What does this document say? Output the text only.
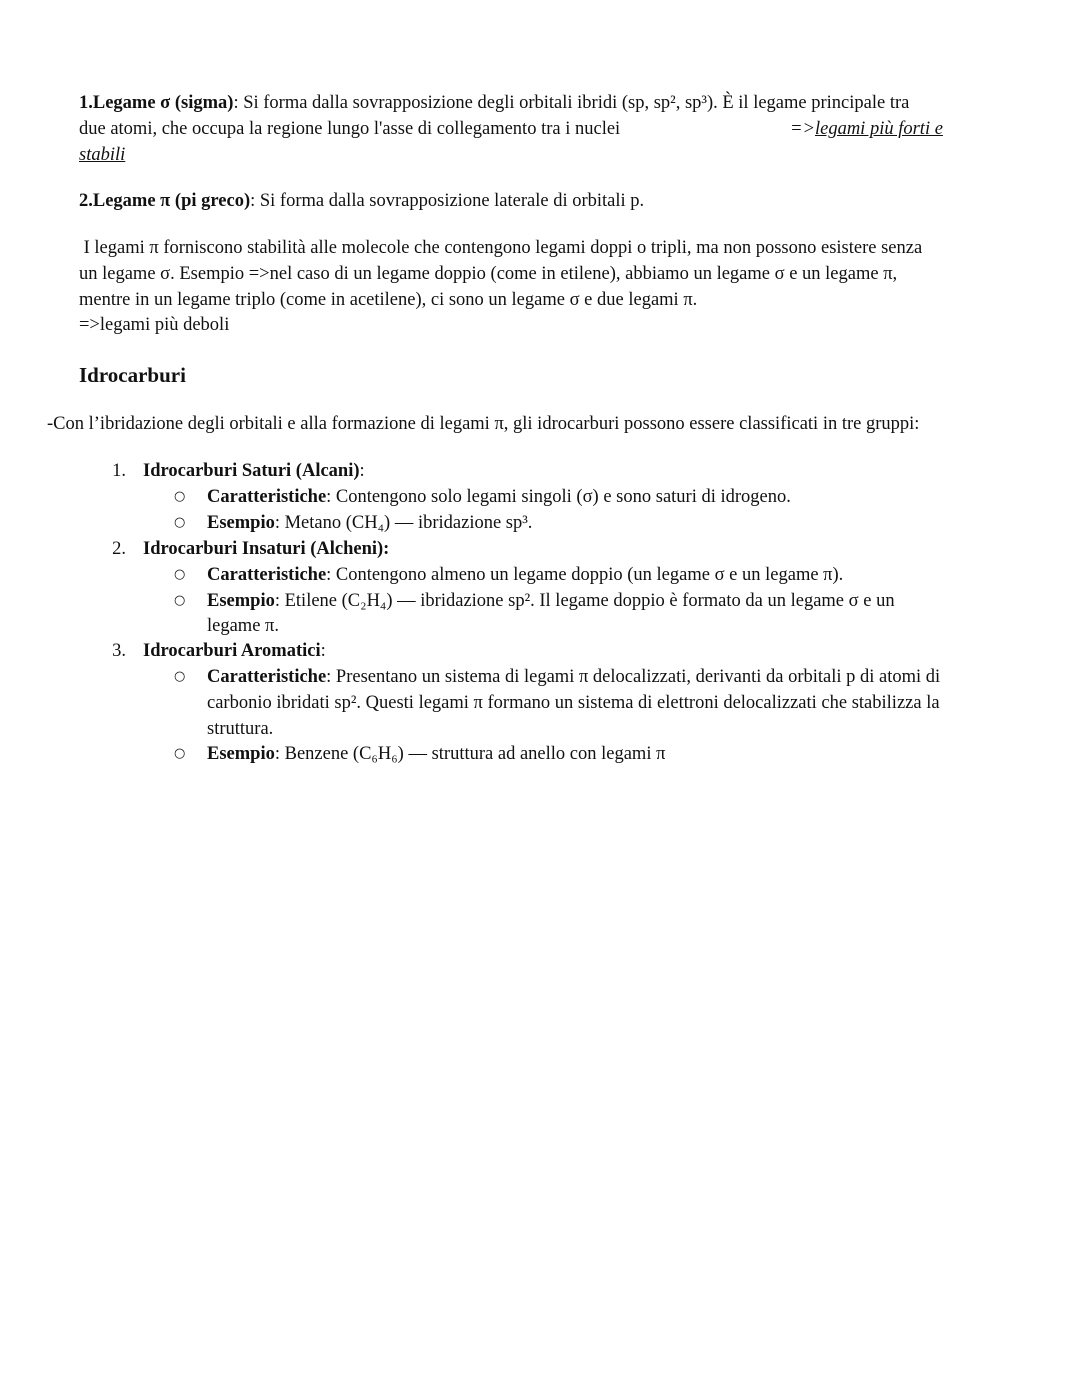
1.Legame σ (sigma): Si forma dalla sovrapposizione degli orbitali ibridi (sp, sp², sp³). È il legame principale tra

due atomi, che occupa la regione lungo l'asse di collegamento tra i nuclei	=>legami più forti e

stabili

2.Legame π (pi greco): Si forma dalla sovrapposizione laterale di orbitali p.

I legami π forniscono stabilità alle molecole che contengono legami doppi o tripli, ma non possono esistere senza

un legame σ. Esempio =>nel caso di un legame doppio (come in etilene), abbiamo un legame σ e un legame π,

mentre in un legame triplo (come in acetilene), ci sono un legame σ e due legami π.

=>legami più deboli

Idrocarburi

-Con l’ibridazione degli orbitali e alla formazione di legami π, gli idrocarburi possono essere classificati in tre gruppi:

1. Idrocarburi Saturi (Alcani):

○ Caratteristiche: Contengono solo legami singoli (σ) e sono saturi di idrogeno.

○ Esempio: Metano (CH₄) — ibridazione sp³.

2. Idrocarburi Insaturi (Alcheni):

○ Caratteristiche: Contengono almeno un legame doppio (un legame σ e un legame π).

○ Esempio: Etilene (C₂H₄) — ibridazione sp². Il legame doppio è formato da un legame σ e un

legame π.

3. Idrocarburi Aromatici:

○ Caratteristiche: Presentano un sistema di legami π delocalizzati, derivanti da orbitali p di atomi di

carbonio ibridati sp². Questi legami π formano un sistema di elettroni delocalizzati che stabilizza la

struttura.

○ Esempio: Benzene (C₆H₆) — struttura ad anello con legami π
